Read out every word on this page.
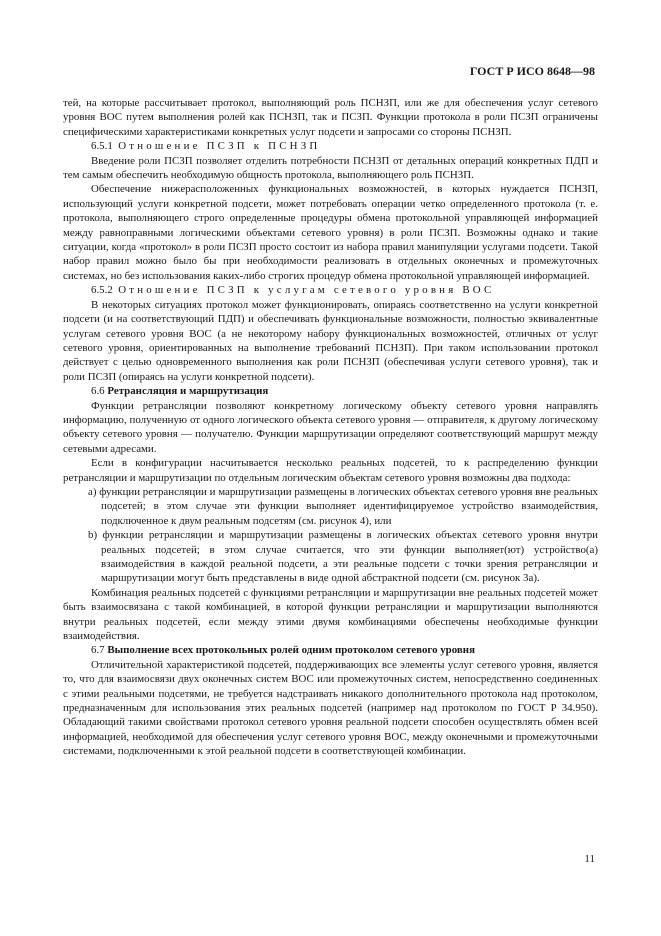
ГОСТ Р ИСО 8648—98

тей, на которые рассчитывает протокол, выполняющий роль ПСНЗП, или же для обеспечения услуг сетевого уровня ВОС путем выполнения ролей как ПСНЗП, так и ПСЗП. Функции протокола в роли ПСЗП ограничены специфическими характеристиками конкретных услуг подсети и запросами со стороны ПСНЗП.

6.5.1 Отношение ПСЗП к ПСНЗП

Введение роли ПСЗП позволяет отделить потребности ПСНЗП от детальных операций конкретных ПДП и тем самым обеспечить необходимую общность протокола, выполняющего роль ПСНЗП.

Обеспечение нижерасположенных функциональных возможностей, в которых нуждается ПСНЗП, использующий услуги конкретной подсети, может потребовать операции четко определенного протокола (т. е. протокола, выполняющего строго определенные процедуры обмена протокольной управляющей информацией между равноправными логическими объектами сетевого уровня) в роли ПСЗП. Возможны однако и такие ситуации, когда «протокол» в роли ПСЗП просто состоит из набора правил манипуляции услугами подсети. Такой набор правил можно было бы при необходимости реализовать в отдельных оконечных и промежуточных системах, но без использования каких-либо строгих процедур обмена протокольной управляющей информацией.

6.5.2 Отношение ПСЗП к услугам сетевого уровня ВОС

В некоторых ситуациях протокол может функционировать, опираясь соответственно на услуги конкретной подсети (и на соответствующий ПДП) и обеспечивать функциональные возможности, полностью эквивалентные услугам сетевого уровня ВОС (а не некоторому набору функциональных возможностей, отличных от услуг сетевого уровня, ориентированных на выполнение требований ПСНЗП). При таком использовании протокол действует с целью одновременного выполнения как роли ПСНЗП (обеспечивая услуги сетевого уровня), так и роли ПСЗП (опираясь на услуги конкретной подсети).

6.6 Ретрансляция и маршрутизация

Функции ретрансляции позволяют конкретному логическому объекту сетевого уровня направлять информацию, полученную от одного логического объекта сетевого уровня — отправителя, к другому логическому объекту сетевого уровня — получателю. Функции маршрутизации определяют соответствующий маршрут между сетевыми адресами.

Если в конфигурации насчитывается несколько реальных подсетей, то к распределению функции ретрансляции и маршрутизации по отдельным логическим объектам сетевого уровня возможны два подхода:

a) функции ретрансляции и маршрутизации размещены в логических объектах сетевого уровня вне реальных подсетей; в этом случае эти функции выполняет идентифицируемое устройство взаимодействия, подключенное к двум реальным подсетям (см. рисунок 4), или

b) функции ретрансляции и маршрутизации размещены в логических объектах сетевого уровня внутри реальных подсетей; в этом случае считается, что эти функции выполняет(ют) устройство(а) взаимодействия в каждой реальной подсети, а эти реальные подсети с точки зрения ретрансляции и маршрутизации могут быть представлены в виде одной абстрактной подсети (см. рисунок 3а).

Комбинация реальных подсетей с функциями ретрансляции и маршрутизации вне реальных подсетей может быть взаимосвязана с такой комбинацией, в которой функции ретрансляции и маршрутизации выполняются внутри реальных подсетей, если между этими двумя комбинациями обеспечены необходимые функции взаимодействия.

6.7 Выполнение всех протокольных ролей одним протоколом сетевого уровня

Отличительной характеристикой подсетей, поддерживающих все элементы услуг сетевого уровня, является то, что для взаимосвязи двух оконечных систем ВОС или промежуточных систем, непосредственно соединенных с этими реальными подсетями, не требуется надстраивать никакого дополнительного протокола над протоколом, предназначенным для использования этих реальных подсетей (например над протоколом по ГОСТ Р 34.950). Обладающий такими свойствами протокол сетевого уровня реальной подсети способен осуществлять обмен всей информацией, необходимой для обеспечения услуг сетевого уровня ВОС, между оконечными и промежуточными системами, подключенными к этой реальной подсети в соответствующей комбинации.

11
